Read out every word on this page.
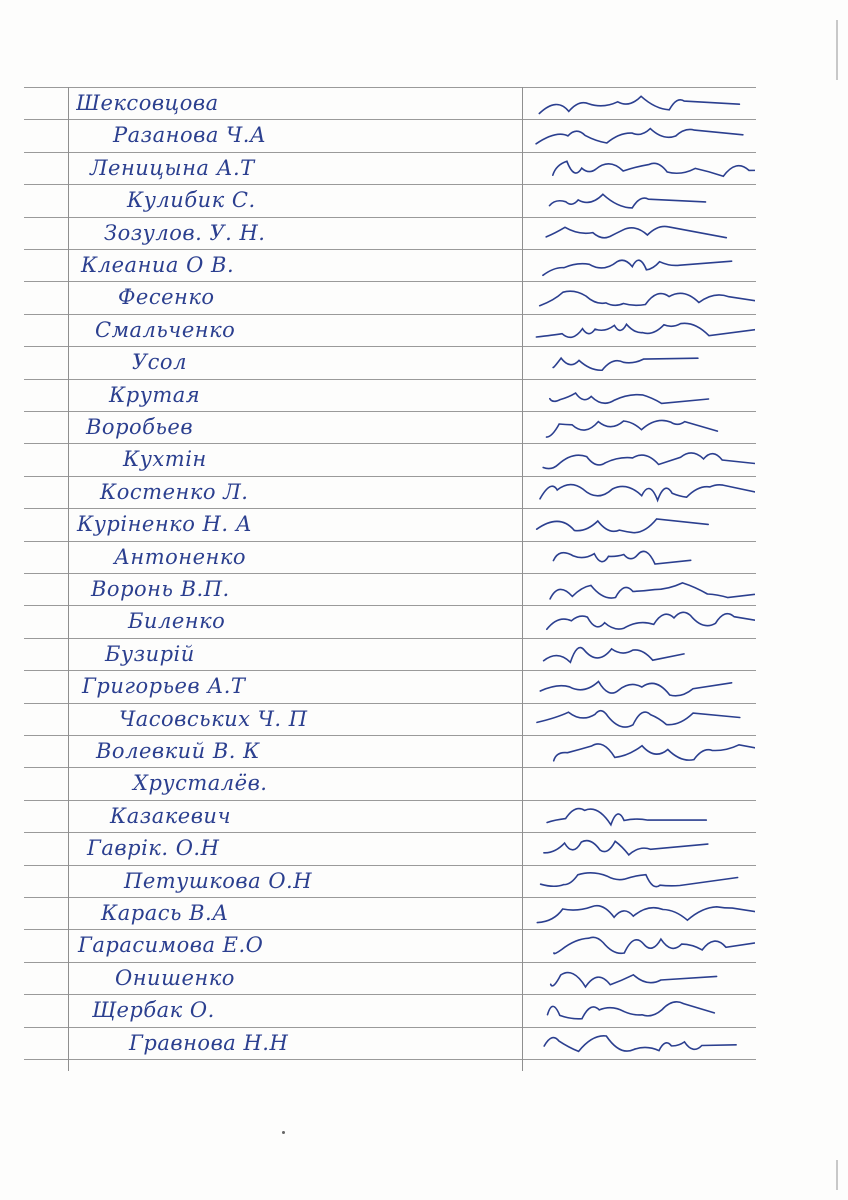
Шексовцова
Разанова Ч.А
Леницына А.Т
Кулибик С.
Зозулов. У. Н.
Клеаниа О В.
Фесенко
Смальченко
Усол
Крутая
Воробьев
Кухтін
Костенко Л.
Куріненко Н. А
Антоненко
Воронь В.П.
Биленко
Бузирій
Григорьев А.Т
Часовських Ч. П
Волевкий В. К
Хрусталёв.
Казакевич
Гаврік. О.Н
Петушкова О.Н
Карась В.А
Гарасимова Е.О
Онишенко
Щербак О.
Гравнова Н.Н
